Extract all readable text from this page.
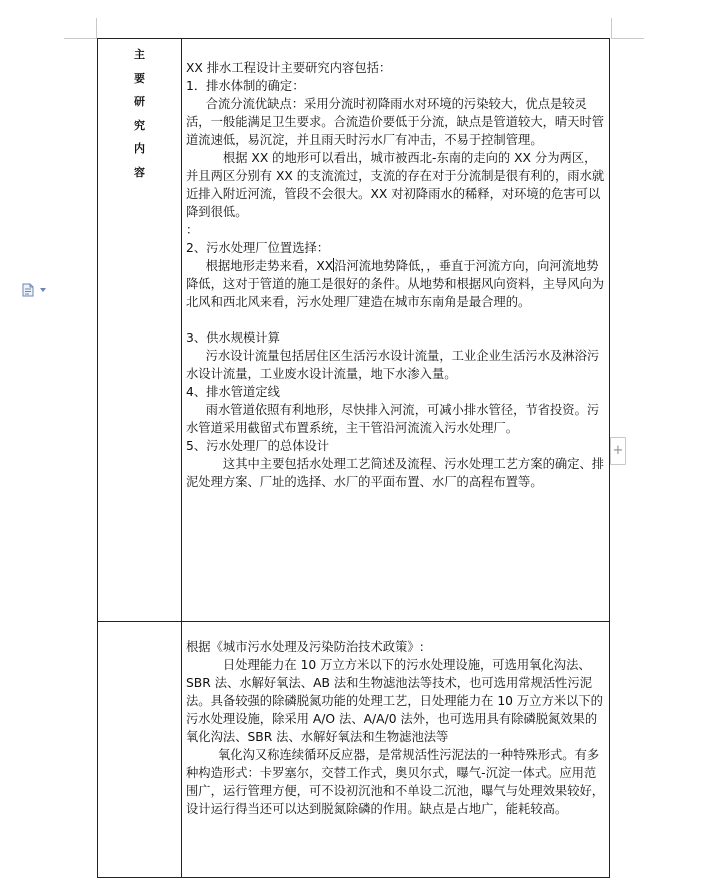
+
主
要
研
究
内
容

XX 排水工程设计主要研究内容包括：

1．排水体制的确定：

合流分流优缺点：采用分流时初降雨水对环境的污染较大，优点是较灵活，一般能满足卫生要求。合流造价要低于分流，缺点是管道较大，晴天时管道流速低，易沉淀，并且雨天时污水厂有冲击，不易于控制管理。

根据 XX 的地形可以看出，城市被西北-东南的走向的 XX 分为两区，并且两区分别有 XX 的支流流过，支流的存在对于分流制是很有利的，雨水就近排入附近河流，管段不会很大。XX 对初降雨水的稀释，对环境的危害可以降到很低。

：

2、污水处理厂位置选择：

根据地形走势来看，XX沿河流地势降低，，垂直于河流方向，向河流地势降低，这对于管道的施工是很好的条件。从地势和根据风向资料，主导风向为北风和西北风来看，污水处理厂建造在城市东南角是最合理的。

3、供水规模计算

污水设计流量包括居住区生活污水设计流量，工业企业生活污水及淋浴污水设计流量，工业废水设计流量，地下水渗入量。

4、排水管道定线

雨水管道依照有利地形，尽快排入河流，可减小排水管径，节省投资。污水管道采用截留式布置系统，主干管沿河流流入污水处理厂。

5、污水处理厂的总体设计

这其中主要包括水处理工艺简述及流程、污水处理工艺方案的确定、排泥处理方案、厂址的选择、水厂的平面布置、水厂的高程布置等。

根据《城市污水处理及污染防治技术政策》:

日处理能力在 10 万立方米以下的污水处理设施，可选用氧化沟法、SBR 法、水解好氧法、AB 法和生物滤池法等技术，也可选用常规活性污泥法。具备较强的除磷脱氮功能的处理工艺，日处理能力在 10 万立方米以下的污水处理设施，除采用 A/O 法、A/A/0 法外，也可选用具有除磷脱氮效果的氧化沟法、SBR 法、水解好氧法和生物滤池法等

氧化沟又称连续循环反应器，是常规活性污泥法的一种特殊形式。有多种构造形式：卡罗塞尔，交替工作式，奥贝尔式，曝气-沉淀一体式。应用范围广，运行管理方便，可不设初沉池和不单设二沉池，曝气与处理效果较好，设计运行得当还可以达到脱氮除磷的作用。缺点是占地广，能耗较高。
